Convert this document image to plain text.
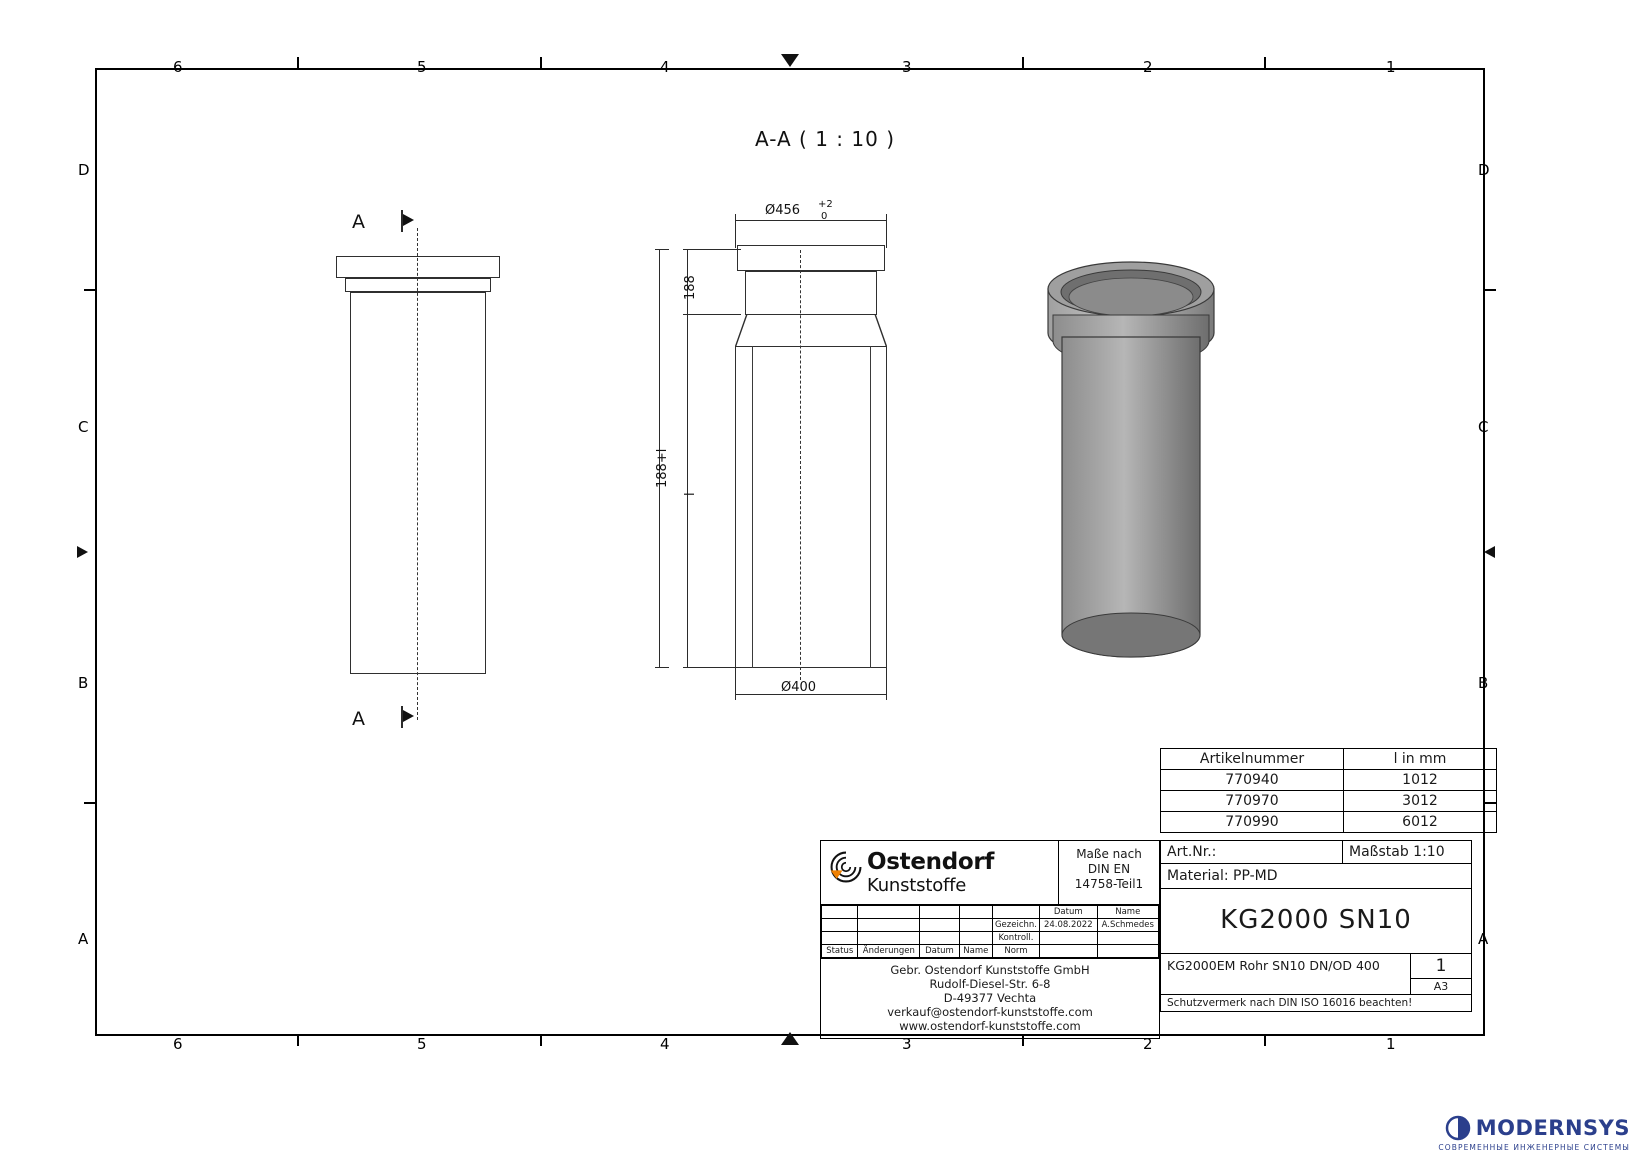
6	5	4	3	2	1
6	5	4	3	2	1
D
C
B
A
D
C
B
A
A-A ( 1 : 10 )
A
A
Ø456 +2
0
188
188+l
l
Ø400
Artikelnummer	l in mm
770940	1012
770970	3012
770990	6012
Art.Nr.:	Maßstab 1:10
Material: PP-MD
KG2000 SN10
KG2000EM Rohr SN10 DN/OD 400	1
A3
Schutzvermerk nach DIN ISO 16016 beachten!
Ostendorf
Kunststoffe
Maße nach
DIN EN
14758-Teil1
					Datum	Name
				Gezeichn.	24.08.2022	A.Schmedes
				Kontroll.		
Status	Änderungen	Datum	Name	Norm		
Gebr. Ostendorf Kunststoffe GmbH
Rudolf-Diesel-Str. 6-8
D-49377 Vechta
verkauf@ostendorf-kunststoffe.com
www.ostendorf-kunststoffe.com
MODERNSYS
СОВРЕМЕННЫЕ ИНЖЕНЕРНЫЕ СИСТЕМЫ
